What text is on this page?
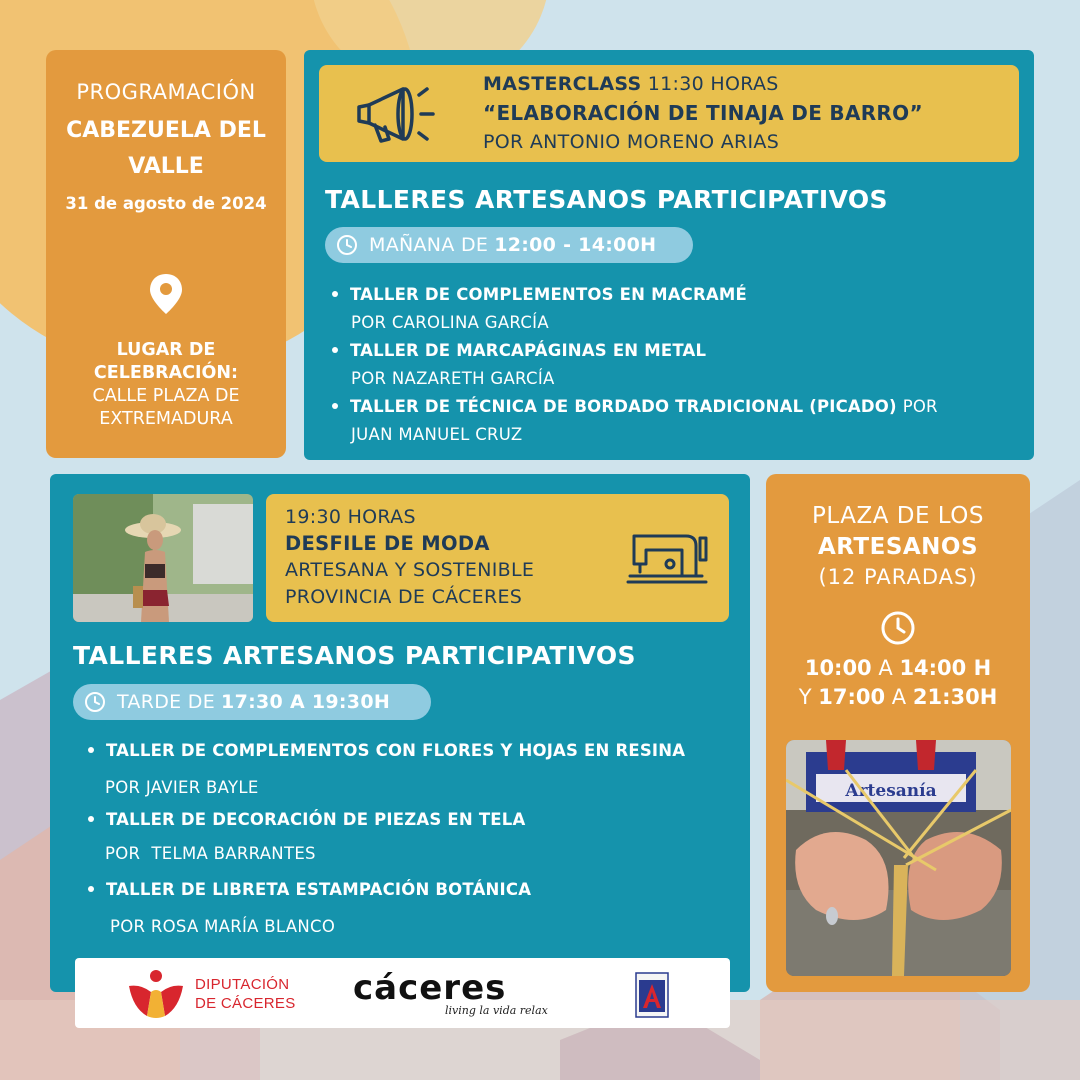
PROGRAMACIÓN
CABEZUELA DEL
VALLE
31 de agosto de 2024
LUGAR DE
CELEBRACIÓN:
CALLE PLAZA DE
EXTREMADURA
MASTERCLASS 11:30 HORAS
“ELABORACIÓN DE TINAJA DE BARRO”
POR ANTONIO MORENO ARIAS
TALLERES ARTESANOS PARTICIPATIVOS
MAÑANA DE 12:00 - 14:00H
TALLER DE COMPLEMENTOS EN MACRAMÉ
POR CAROLINA GARCÍA
TALLER DE MARCAPÁGINAS EN METAL
POR NAZARETH GARCÍA
TALLER DE TÉCNICA DE BORDADO TRADICIONAL (PICADO) POR
JUAN MANUEL CRUZ
19:30 HORAS
DESFILE DE MODA
ARTESANA Y SOSTENIBLE
PROVINCIA DE CÁCERES
TALLERES ARTESANOS PARTICIPATIVOS
TARDE DE 17:30 A 19:30H
TALLER DE COMPLEMENTOS CON FLORES Y HOJAS EN RESINA
POR JAVIER BAYLE
TALLER DE DECORACIÓN DE PIEZAS EN TELA
POR  TELMA BARRANTES
TALLER DE LIBRETA ESTAMPACIÓN BOTÁNICA
POR ROSA MARÍA BLANCO
DIPUTACIÓN
DE CÁCERES cáceres
living la vida relax
PLAZA DE LOS
ARTESANOS
(12 PARADAS)
10:00 A 14:00 H
Y 17:00 A 21:30H
Artesanía
